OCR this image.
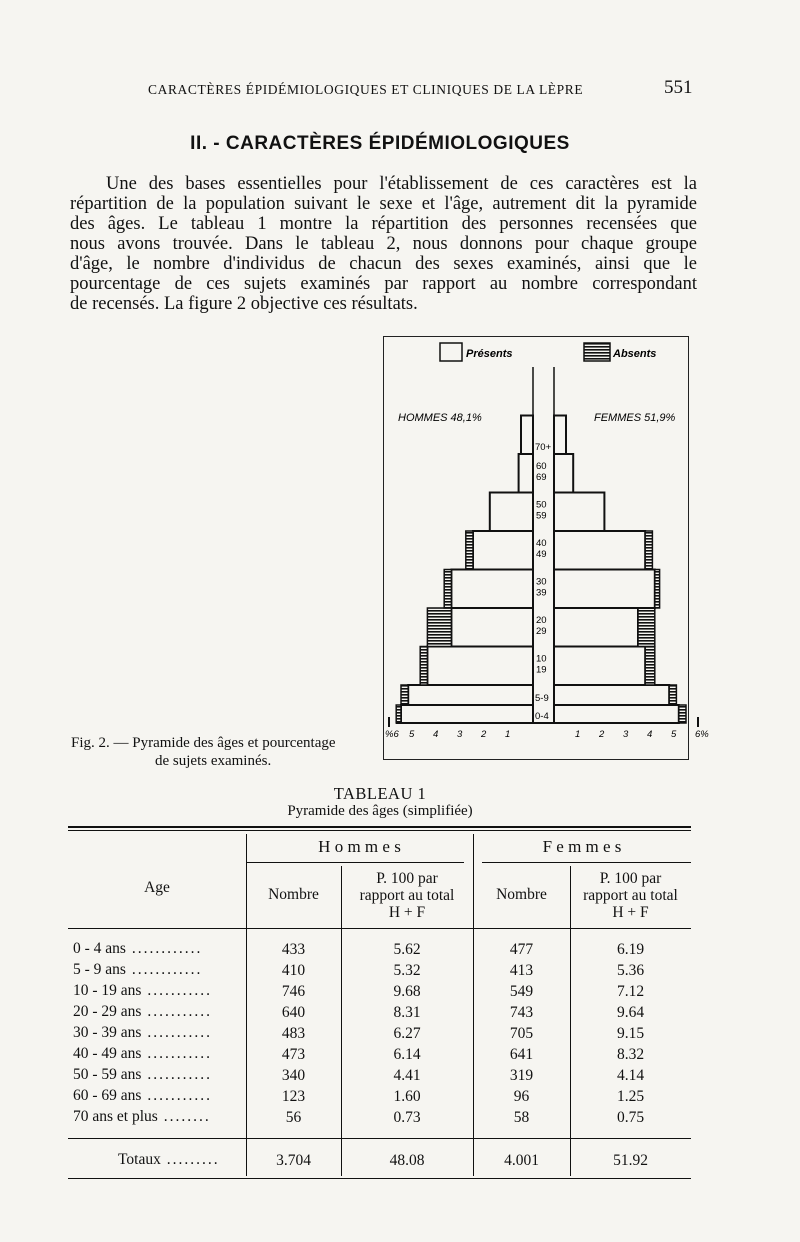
CARACTÈRES ÉPIDÉMIOLOGIQUES ET CLINIQUES DE LA LÈPRE	551
II. - CARACTÈRES ÉPIDÉMIOLOGIQUES
Une des bases essentielles pour l'établissement de ces caractères est la
répartition de la population suivant le sexe et l'âge, autrement dit la pyramide
des âges. Le tableau 1 montre la répartition des personnes recensées que
nous avons trouvée. Dans le tableau 2, nous donnons pour chaque groupe
d'âge, le nombre d'individus de chacun des sexes examinés, ainsi que le
pourcentage de ces sujets examinés par rapport au nombre correspondant
de recensés. La figure 2 objective ces résultats.
Présents	Absents
HOMMES 48,1%	FEMMES 51,9%
0-4
5-9
10
19
20
29
30
39
40
49
50
59
60
69
70+
%6 5 4 3 2 1	1 2 3 4 5 6%
Fig. 2. — Pyramide des âges et pourcentage

de sujets examinés.
TABLEAU 1
Pyramide des âges (simplifiée)
H o m m e s	F e m m e s
Age	Nombre
P. 100 par
rapport au total
H + F
Nombre
P. 100 par
rapport au total
H + F
0 - 4 ans ............	433	5.62	477	6.19
5 - 9 ans ............	410	5.32	413	5.36
10 - 19 ans ...........	746	9.68	549	7.12
20 - 29 ans ...........	640	8.31	743	9.64
30 - 39 ans ...........	483	6.27	705	9.15
40 - 49 ans ...........	473	6.14	641	8.32
50 - 59 ans ...........	340	4.41	319	4.14
60 - 69 ans ...........	123	1.60	96	1.25
70 ans et plus ........	56	0.73	58	0.75
Totaux .........	3.704	48.08	4.001	51.92
